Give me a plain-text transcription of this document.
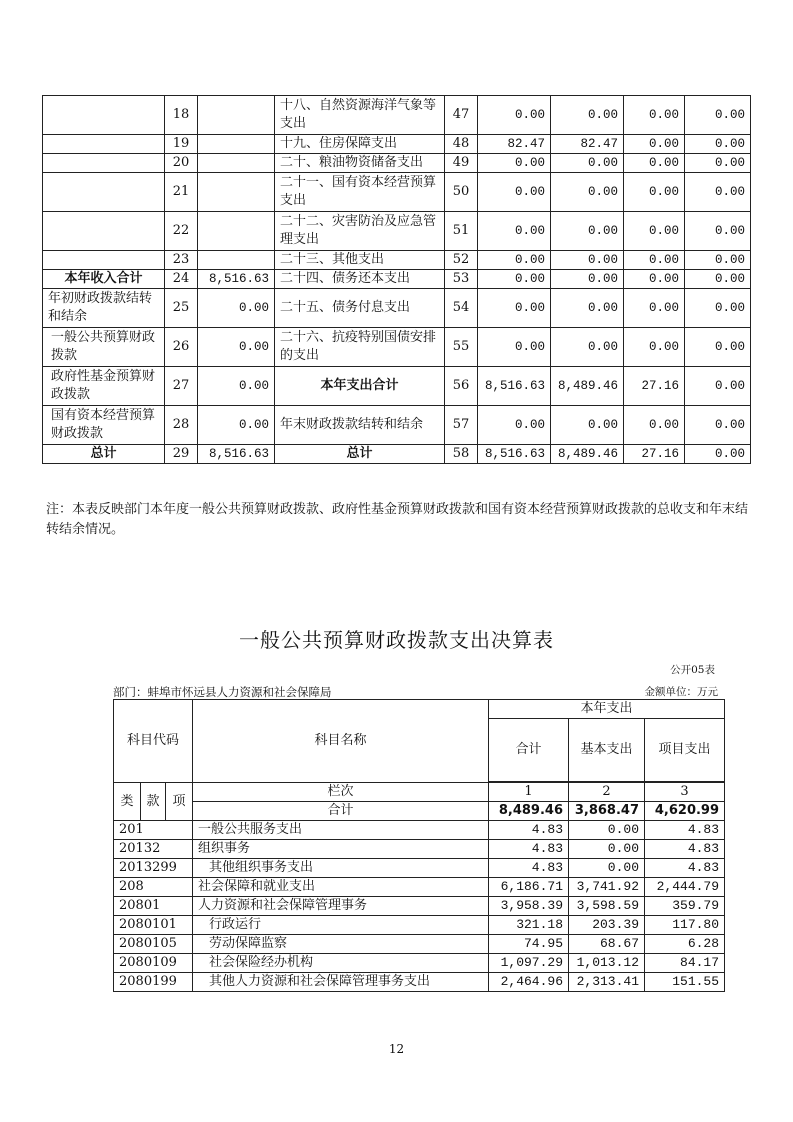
	18		十八、自然资源海洋气象等支出	47	0.00	0.00	0.00	0.00
	19		十九、住房保障支出	48	82.47	82.47	0.00	0.00
	20		二十、粮油物资储备支出	49	0.00	0.00	0.00	0.00
	21		二十一、国有资本经营预算支出	50	0.00	0.00	0.00	0.00
	22		二十二、灾害防治及应急管理支出	51	0.00	0.00	0.00	0.00
	23		二十三、其他支出	52	0.00	0.00	0.00	0.00
本年收入合计	24	8,516.63	二十四、债务还本支出	53	0.00	0.00	0.00	0.00
年初财政拨款结转和结余	25	0.00	二十五、债务付息支出	54	0.00	0.00	0.00	0.00
一般公共预算财政拨款	26	0.00	二十六、抗疫特别国债安排的支出	55	0.00	0.00	0.00	0.00
政府性基金预算财政拨款	27	0.00	本年支出合计	56	8,516.63	8,489.46	27.16	0.00
国有资本经营预算财政拨款	28	0.00	年末财政拨款结转和结余	57	0.00	0.00	0.00	0.00
总计	29	8,516.63	总计	58	8,516.63	8,489.46	27.16	0.00
注：本表反映部门本年度一般公共预算财政拨款、政府性基金预算财政拨款和国有资本经营预算财政拨款的总收支和年末结转结余情况。
一般公共预算财政拨款支出决算表
公开05表
部门：蚌埠市怀远县人力资源和社会保障局	金额单位：万元
科目代码			科目名称	本年支出		
				合计	基本支出	项目支出

类	款	项	栏次	1	2	3
			合计	8,489.46	3,868.47	4,620.99
201			一般公共服务支出	4.83	0.00	4.83
20132			组织事务	4.83	0.00	4.83
2013299			其他组织事务支出	4.83	0.00	4.83
208			社会保障和就业支出	6,186.71	3,741.92	2,444.79
20801			人力资源和社会保障管理事务	3,958.39	3,598.59	359.79
2080101			行政运行	321.18	203.39	117.80
2080105			劳动保障监察	74.95	68.67	6.28
2080109			社会保险经办机构	1,097.29	1,013.12	84.17
2080199			其他人力资源和社会保障管理事务支出	2,464.96	2,313.41	151.55
12
